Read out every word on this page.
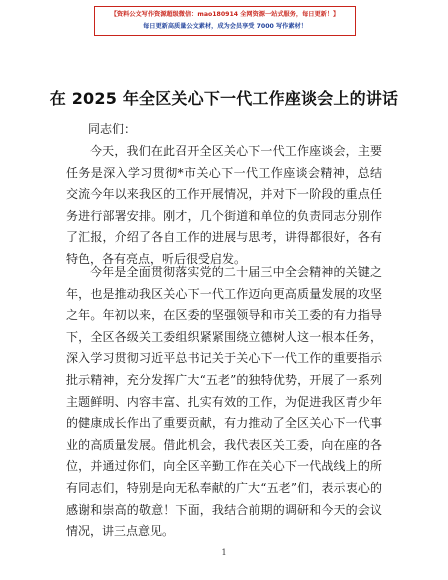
【资料公文写作资源超级微信：mao180914 全网资源一站式服务，每日更新！】
每日更新高质量公文素材，成为会员享受 7000 写作素材！
在 2025 年全区关心下一代工作座谈会上的讲话
同志们：

今天，我们在此召开全区关心下一代工作座谈会，主要任务是深入学习贯彻*市关心下一代工作座谈会精神，总结交流今年以来我区的工作开展情况，并对下一阶段的重点任务进行部署安排。刚才，几个街道和单位的负责同志分别作了汇报，介绍了各自工作的进展与思考，讲得都很好，各有特色，各有亮点，听后很受启发。

今年是全面贯彻落实党的二十届三中全会精神的关键之年，也是推动我区关心下一代工作迈向更高质量发展的攻坚之年。年初以来，在区委的坚强领导和市关工委的有力指导下，全区各级关工委组织紧紧围绕立德树人这一根本任务，深入学习贯彻习近平总书记关于关心下一代工作的重要指示批示精神，充分发挥广大“五老”的独特优势，开展了一系列主题鲜明、内容丰富、扎实有效的工作，为促进我区青少年的健康成长作出了重要贡献，有力推动了全区关心下一代事业的高质量发展。借此机会，我代表区关工委，向在座的各位，并通过你们，向全区辛勤工作在关心下一代战线上的所有同志们，特别是向无私奉献的广大“五老”们，表示衷心的感谢和崇高的敬意！下面，我结合前期的调研和今天的会议情况，讲三点意见。

1
